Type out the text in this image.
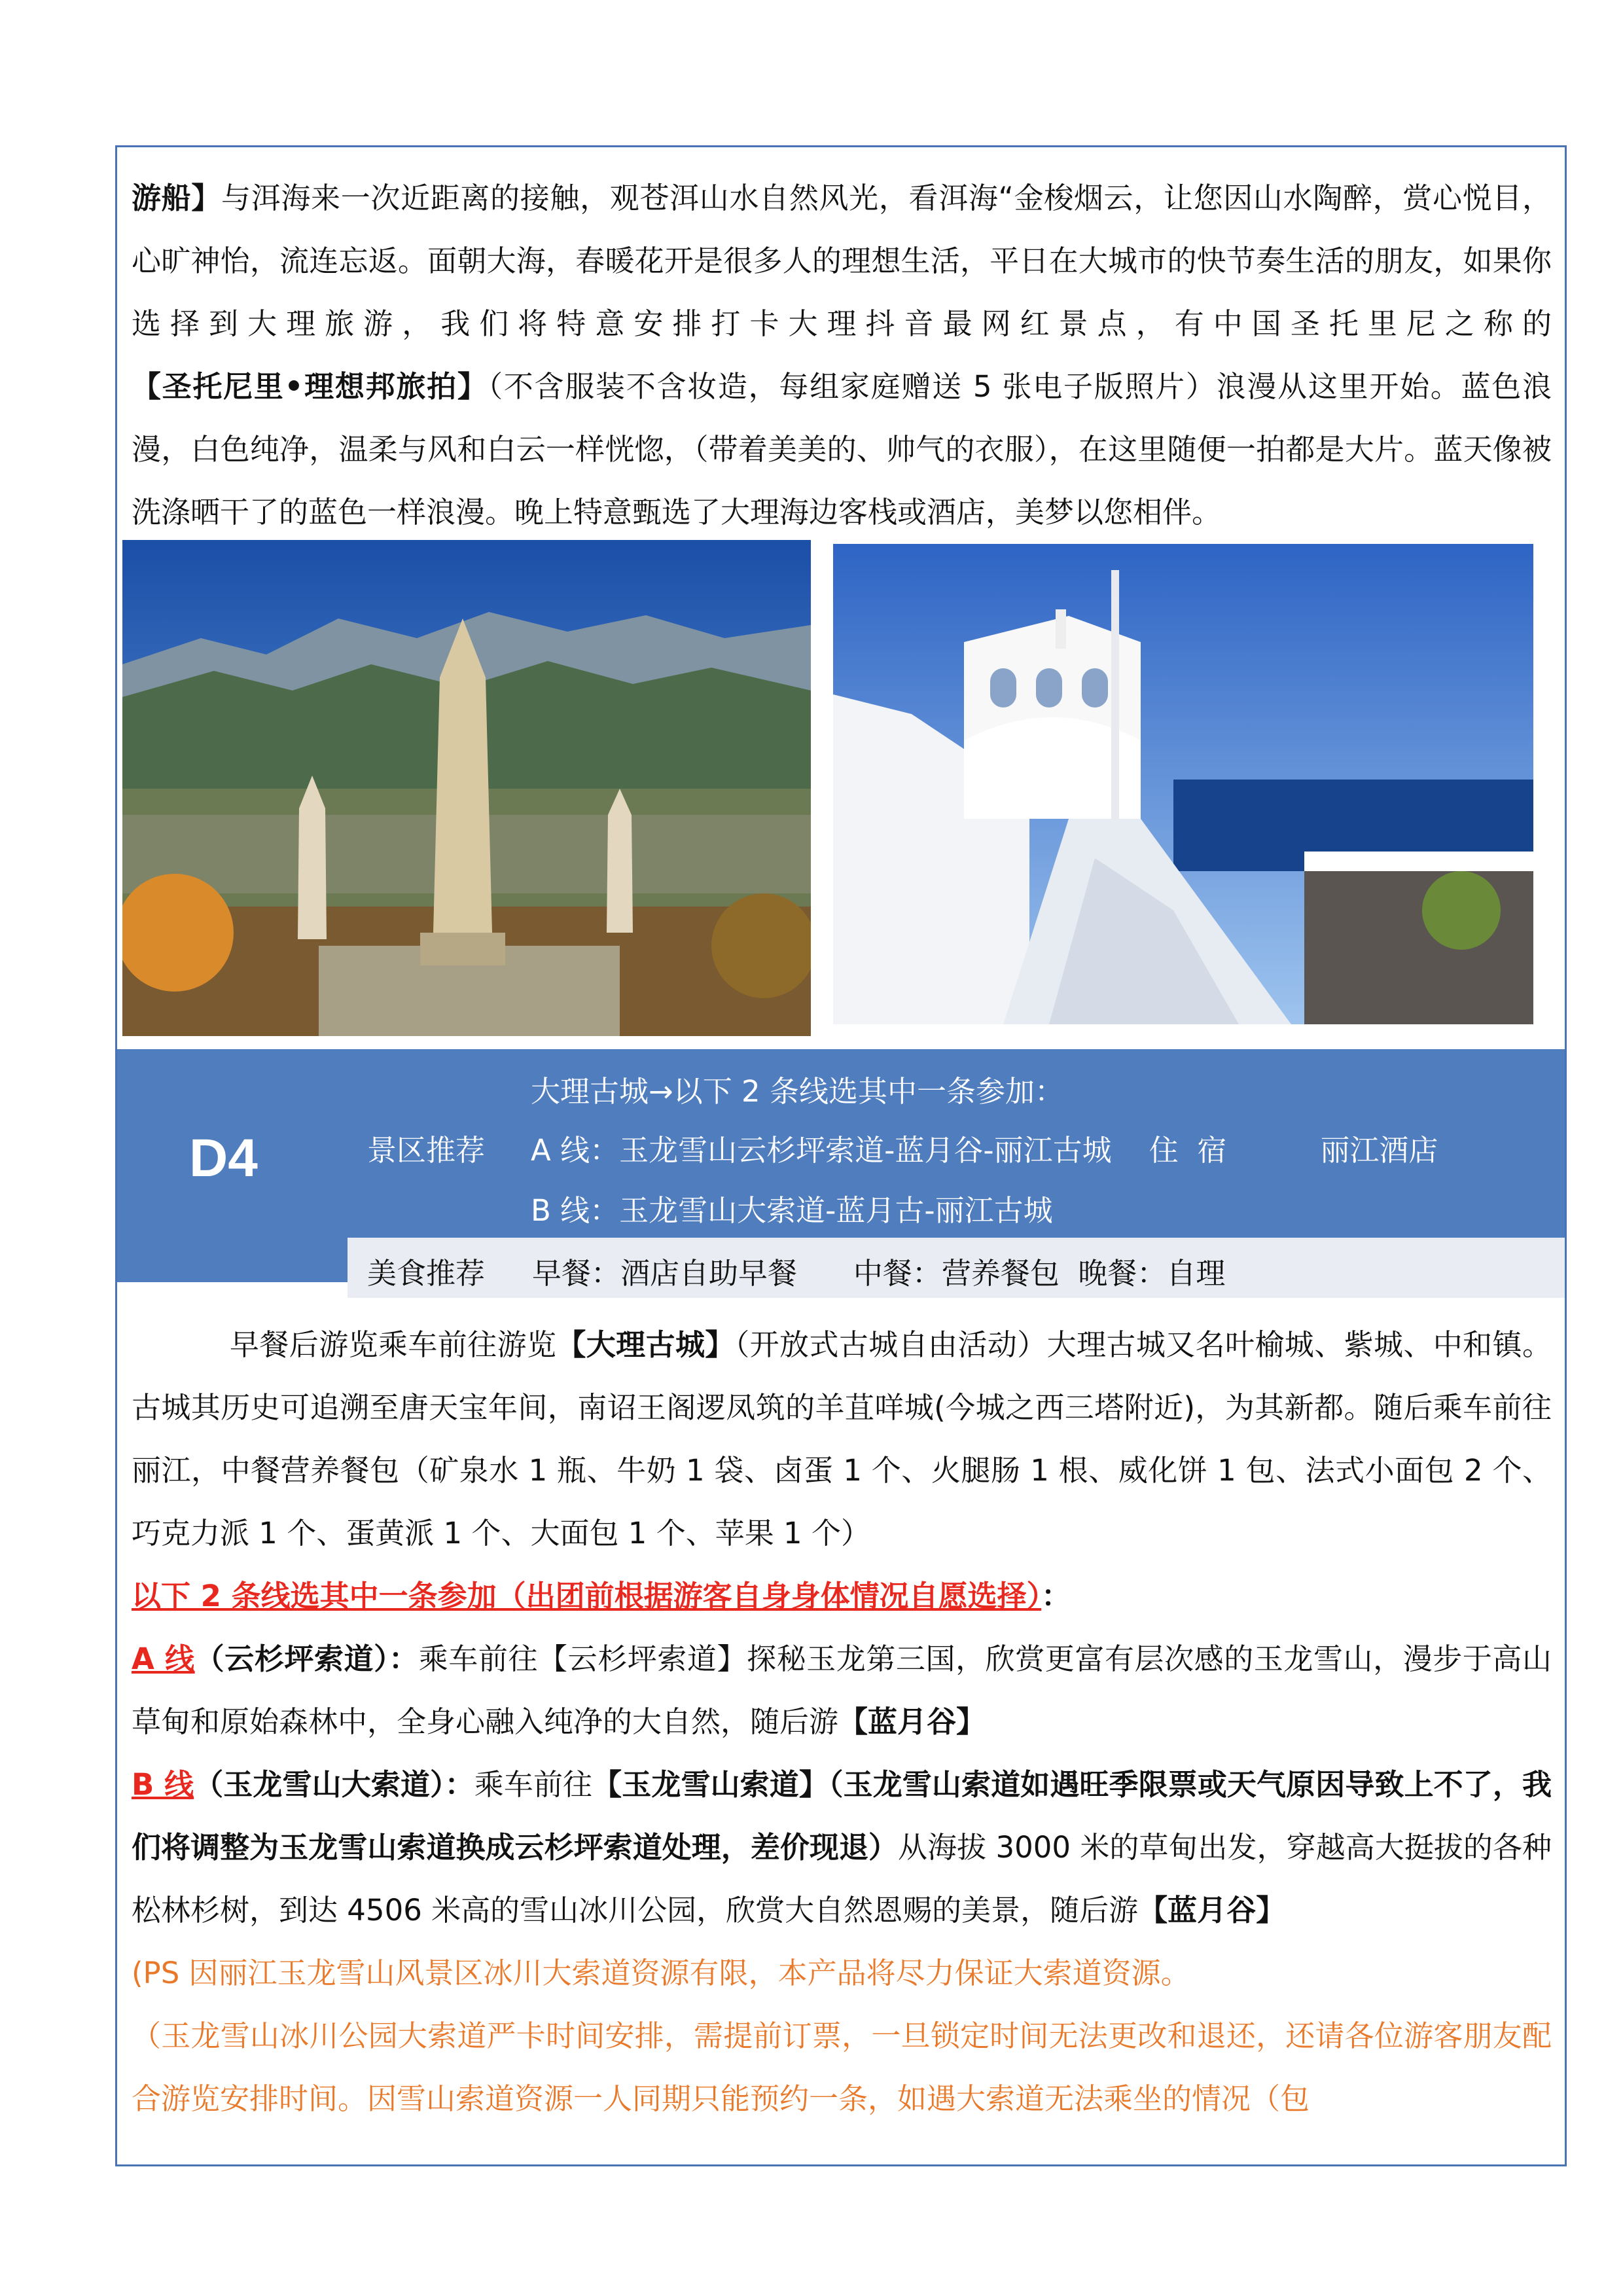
游船】与洱海来一次近距离的接触，观苍洱山水自然风光，看洱海“金梭烟云，让您因山水陶醉，赏心悦目，心旷神怡，流连忘返。面朝大海，春暖花开是很多人的理想生活，平日在大城市的快节奏生活的朋友，如果你选择到大理旅游，我们将特意安排打卡大理抖音最网红景点，有中国圣托里尼之称的【圣托尼里•理想邦旅拍】（不含服装不含妆造，每组家庭赠送 5 张电子版照片）浪漫从这里开始。蓝色浪漫，白色纯净，温柔与风和白云一样恍惚，（带着美美的、帅气的衣服），在这里随便一拍都是大片。蓝天像被洗涤晒干了的蓝色一样浪漫。晚上特意甄选了大理海边客栈或酒店，美梦以您相伴。
D4	景区推荐
大理古城→以下 2 条线选其中一条参加：
A 线：玉龙雪山云杉坪索道-蓝月谷-丽江古城    住  宿          丽江酒店
B 线：玉龙雪山大索道-蓝月古-丽江古城
美食推荐 早餐：酒店自助早餐      中餐：营养餐包  晚餐：自理

早餐后游览乘车前往游览【大理古城】（开放式古城自由活动）大理古城又名叶榆城、紫城、中和镇。古城其历史可追溯至唐天宝年间，南诏王阁逻凤筑的羊苴咩城(今城之西三塔附近)，为其新都。随后乘车前往丽江，中餐营养餐包（矿泉水 1 瓶、牛奶 1 袋、卤蛋 1 个、火腿肠 1 根、威化饼 1 包、法式小面包 2 个、巧克力派 1 个、蛋黄派 1 个、大面包 1 个、苹果 1 个）

以下 2 条线选其中一条参加（出团前根据游客自身身体情况自愿选择）：

A 线（云杉坪索道）：乘车前往【云杉坪索道】探秘玉龙第三国，欣赏更富有层次感的玉龙雪山，漫步于高山草甸和原始森林中，全身心融入纯净的大自然，随后游【蓝月谷】

B 线（玉龙雪山大索道）：乘车前往【玉龙雪山索道】（玉龙雪山索道如遇旺季限票或天气原因导致上不了，我们将调整为玉龙雪山索道换成云杉坪索道处理，差价现退）从海拔 3000 米的草甸出发，穿越高大挺拔的各种松林杉树，到达 4506 米高的雪山冰川公园，欣赏大自然恩赐的美景，随后游【蓝月谷】

(PS 因丽江玉龙雪山风景区冰川大索道资源有限，本产品将尽力保证大索道资源。

（玉龙雪山冰川公园大索道严卡时间安排，需提前订票，一旦锁定时间无法更改和退还，还请各位游客朋友配合游览安排时间。因雪山索道资源一人同期只能预约一条，如遇大索道无法乘坐的情况（包
